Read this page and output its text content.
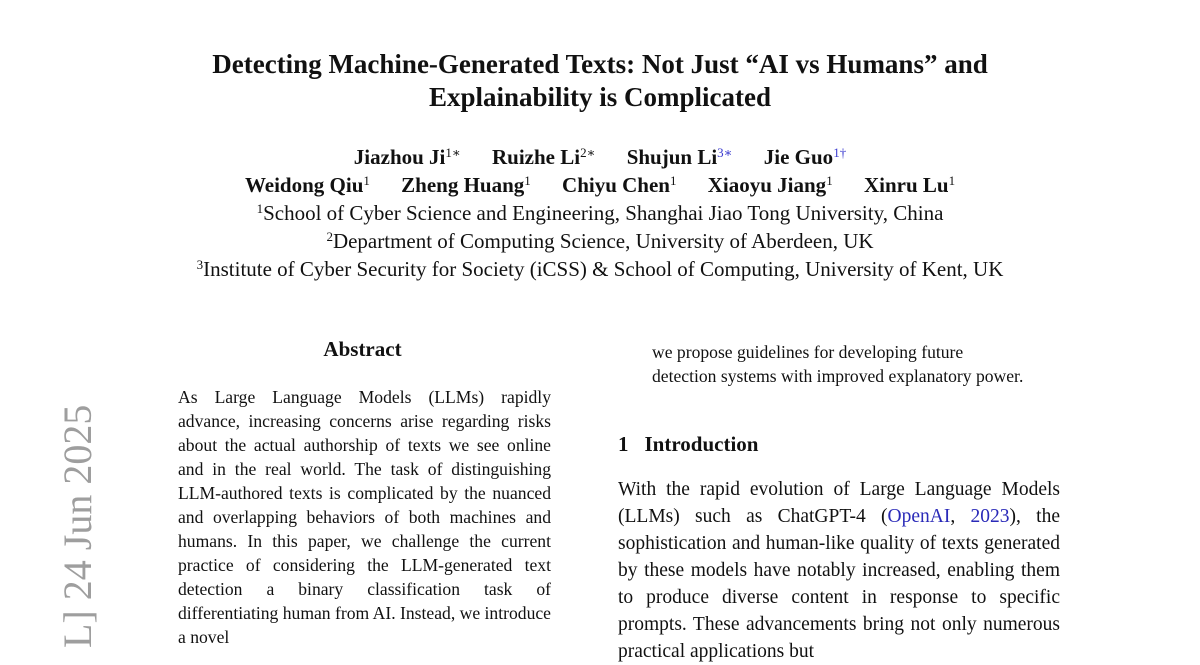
Detecting Machine-Generated Texts: Not Just “AI vs Humans” and
Explainability is Complicated
Jiazhou $Ji^{1∗}$ Ruizhe $Li^{2∗}$ Shujun $Li^{3∗}$ Jie Guo$^{1\dagger}$
Weidong Qiu$^1$ Zheng Huang$^1$ Chiyu Chen$^1$ Xiaoyu Jiang$^1$ Xinru Lu$^1$
$^1$School of Cyber Science and Engineering, Shanghai Jiao Tong University, China
$^2$Department of Computing Science, University of Aberdeen, UK
$^3$Institute of Cyber Security for Society (iCSS) & School of Computing, University of Kent, UK
L] 24 Jun 2025
Abstract
As Large Language Models (LLMs) rapidly advance, increasing concerns arise regarding risks about the actual authorship of texts we see online and in the real world. The task of distinguishing LLM-authored texts is complicated by the nuanced and overlapping behaviors of both machines and humans. In this paper, we challenge the current practice of considering the LLM-generated text detection a binary classification task of differentiating human from AI. Instead, we introduce a novel
we propose guidelines for developing future detection systems with improved explanatory power.
1 Introduction
With the rapid evolution of Large Language Models (LLMs) such as ChatGPT-4 (OpenAI, 2023), the sophistication and human-like quality of texts generated by these models have notably increased, enabling them to produce diverse content in response to specific prompts. These advancements bring not only numerous practical applications but
